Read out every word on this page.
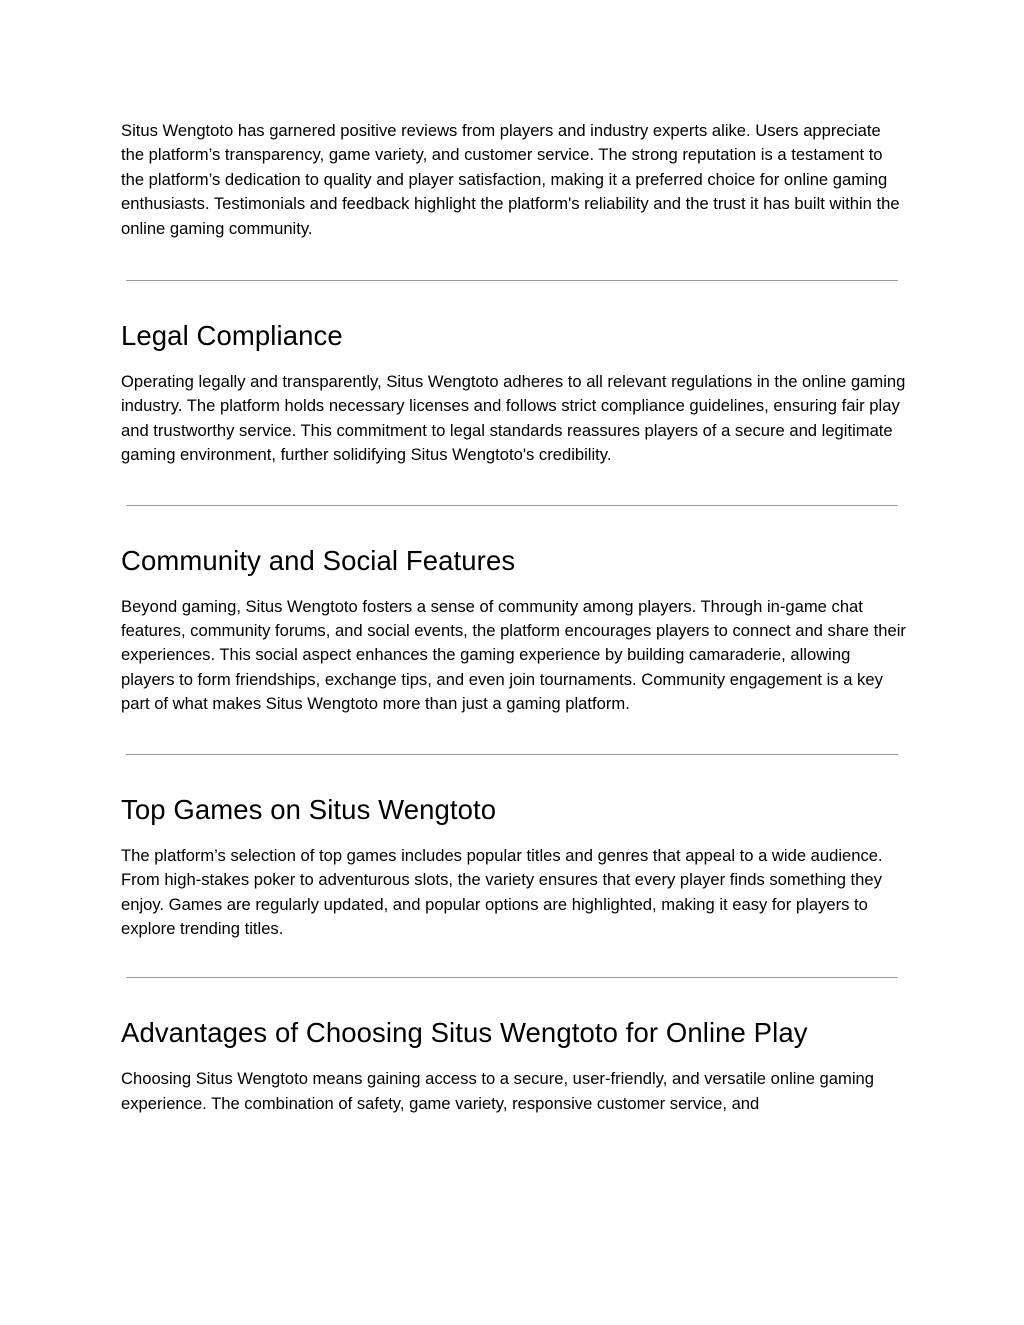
Situs Wengtoto has garnered positive reviews from players and industry experts alike. Users appreciate the platform’s transparency, game variety, and customer service. The strong reputation is a testament to the platform’s dedication to quality and player satisfaction, making it a preferred choice for online gaming enthusiasts. Testimonials and feedback highlight the platform's reliability and the trust it has built within the online gaming community.

Legal Compliance

Operating legally and transparently, Situs Wengtoto adheres to all relevant regulations in the online gaming industry. The platform holds necessary licenses and follows strict compliance guidelines, ensuring fair play and trustworthy service. This commitment to legal standards reassures players of a secure and legitimate gaming environment, further solidifying Situs Wengtoto's credibility.

Community and Social Features

Beyond gaming, Situs Wengtoto fosters a sense of community among players. Through in-game chat features, community forums, and social events, the platform encourages players to connect and share their experiences. This social aspect enhances the gaming experience by building camaraderie, allowing players to form friendships, exchange tips, and even join tournaments. Community engagement is a key part of what makes Situs Wengtoto more than just a gaming platform.

Top Games on Situs Wengtoto

The platform’s selection of top games includes popular titles and genres that appeal to a wide audience. From high-stakes poker to adventurous slots, the variety ensures that every player finds something they enjoy. Games are regularly updated, and popular options are highlighted, making it easy for players to explore trending titles.

Advantages of Choosing Situs Wengtoto for Online Play

Choosing Situs Wengtoto means gaining access to a secure, user-friendly, and versatile online gaming experience. The combination of safety, game variety, responsive customer service, and
